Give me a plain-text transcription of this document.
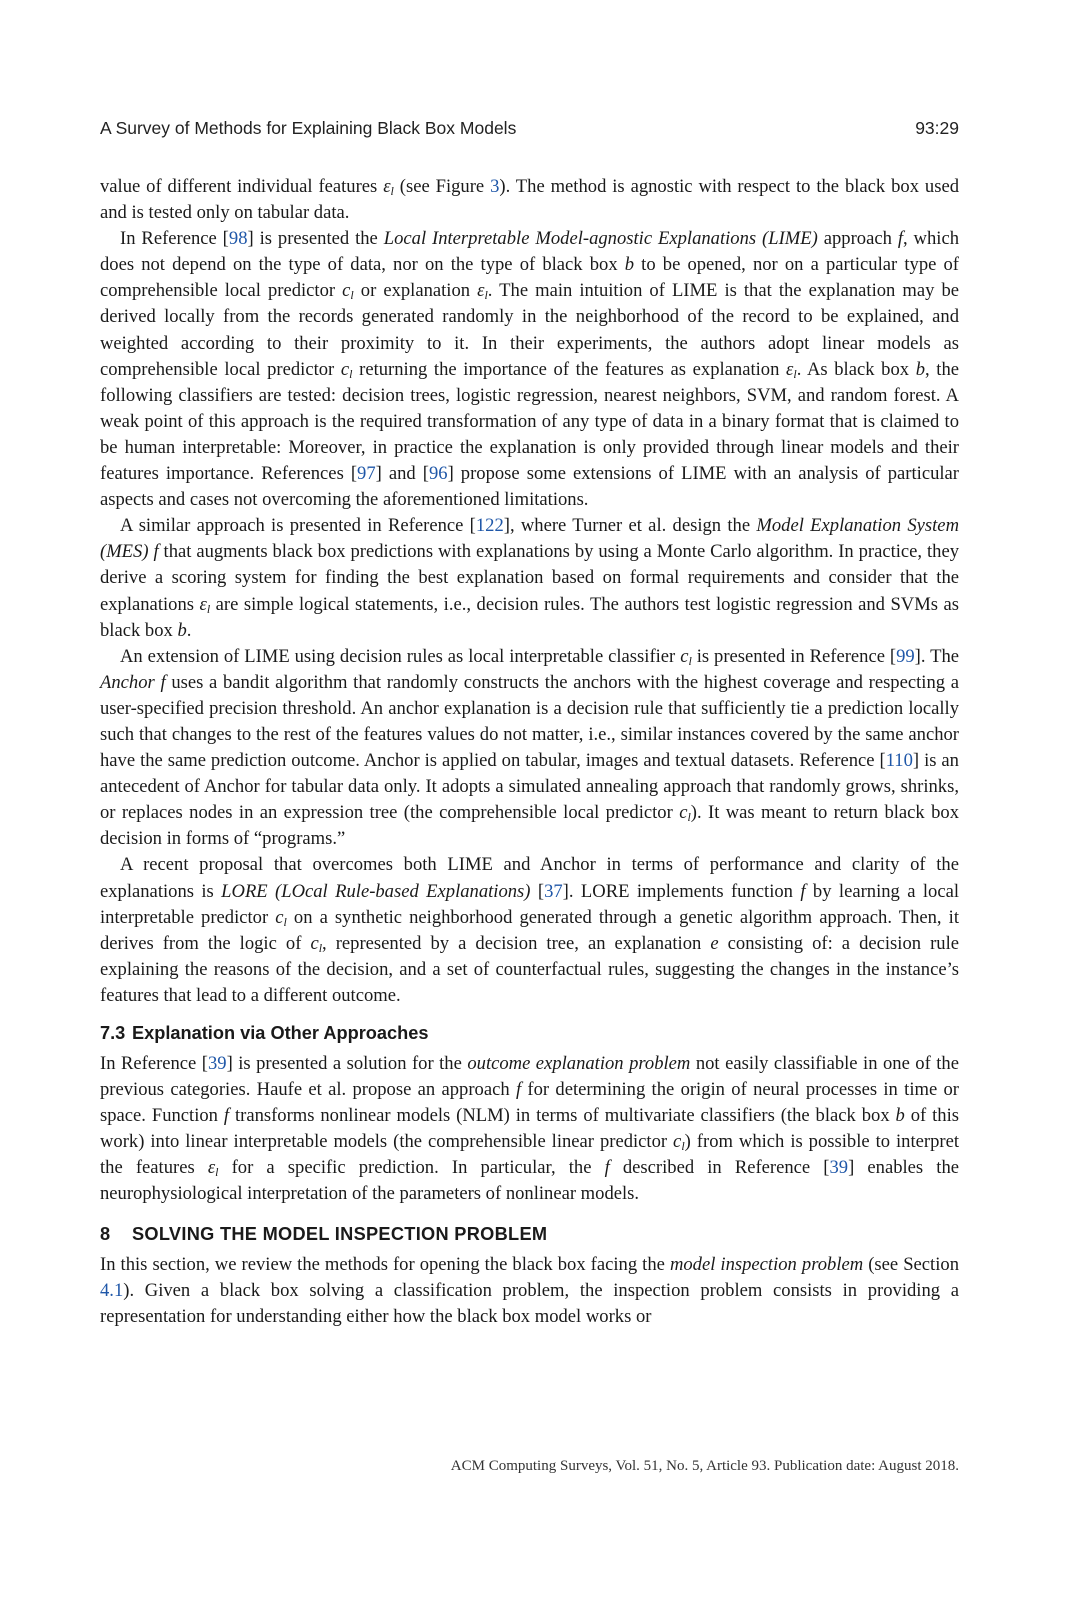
A Survey of Methods for Explaining Black Box Models	93:29

value of different individual features $\varepsilon_l$ (see Figure 3). The method is agnostic with respect to the black box used and is tested only on tabular data.

In Reference [98] is presented the Local Interpretable Model-agnostic Explanations (LIME) approach f, which does not depend on the type of data, nor on the type of black box b to be opened, nor on a particular type of comprehensible local predictor $c_l$ or explanation $\varepsilon_l$. The main intuition of LIME is that the explanation may be derived locally from the records generated randomly in the neighborhood of the record to be explained, and weighted according to their proximity to it. In their experiments, the authors adopt linear models as comprehensible local predictor $c_l$ returning the importance of the features as explanation $\varepsilon_l$. As black box b, the following classifiers are tested: decision trees, logistic regression, nearest neighbors, SVM, and random forest. A weak point of this approach is the required transformation of any type of data in a binary format that is claimed to be human interpretable: Moreover, in practice the explanation is only provided through linear models and their features importance. References [97] and [96] propose some extensions of LIME with an analysis of particular aspects and cases not overcoming the aforementioned limitations.

A similar approach is presented in Reference [122], where Turner et al. design the Model Explanation System (MES) f that augments black box predictions with explanations by using a Monte Carlo algorithm. In practice, they derive a scoring system for finding the best explanation based on formal requirements and consider that the explanations $\varepsilon_l$ are simple logical statements, i.e., decision rules. The authors test logistic regression and SVMs as black box b.

An extension of LIME using decision rules as local interpretable classifier $c_l$ is presented in Reference [99]. The Anchor f uses a bandit algorithm that randomly constructs the anchors with the highest coverage and respecting a user-specified precision threshold. An anchor explanation is a decision rule that sufficiently tie a prediction locally such that changes to the rest of the features values do not matter, i.e., similar instances covered by the same anchor have the same prediction outcome. Anchor is applied on tabular, images and textual datasets. Reference [110] is an antecedent of Anchor for tabular data only. It adopts a simulated annealing approach that randomly grows, shrinks, or replaces nodes in an expression tree (the comprehensible local predictor $c_l$). It was meant to return black box decision in forms of “programs.”

A recent proposal that overcomes both LIME and Anchor in terms of performance and clarity of the explanations is LORE (LOcal Rule-based Explanations) [37]. LORE implements function f by learning a local interpretable predictor $c_l$ on a synthetic neighborhood generated through a genetic algorithm approach. Then, it derives from the logic of $c_l$, represented by a decision tree, an explanation e consisting of: a decision rule explaining the reasons of the decision, and a set of counterfactual rules, suggesting the changes in the instance’s features that lead to a different outcome.

7.3 Explanation via Other Approaches

In Reference [39] is presented a solution for the outcome explanation problem not easily classifiable in one of the previous categories. Haufe et al. propose an approach f for determining the origin of neural processes in time or space. Function f transforms nonlinear models (NLM) in terms of multivariate classifiers (the black box b of this work) into linear interpretable models (the comprehensible linear predictor $c_l$) from which is possible to interpret the features $\varepsilon_l$ for a specific prediction. In particular, the f described in Reference [39] enables the neurophysiological interpretation of the parameters of nonlinear models.

8 SOLVING THE MODEL INSPECTION PROBLEM

In this section, we review the methods for opening the black box facing the model inspection problem (see Section 4.1). Given a black box solving a classification problem, the inspection problem consists in providing a representation for understanding either how the black box model works or

ACM Computing Surveys, Vol. 51, No. 5, Article 93. Publication date: August 2018.
